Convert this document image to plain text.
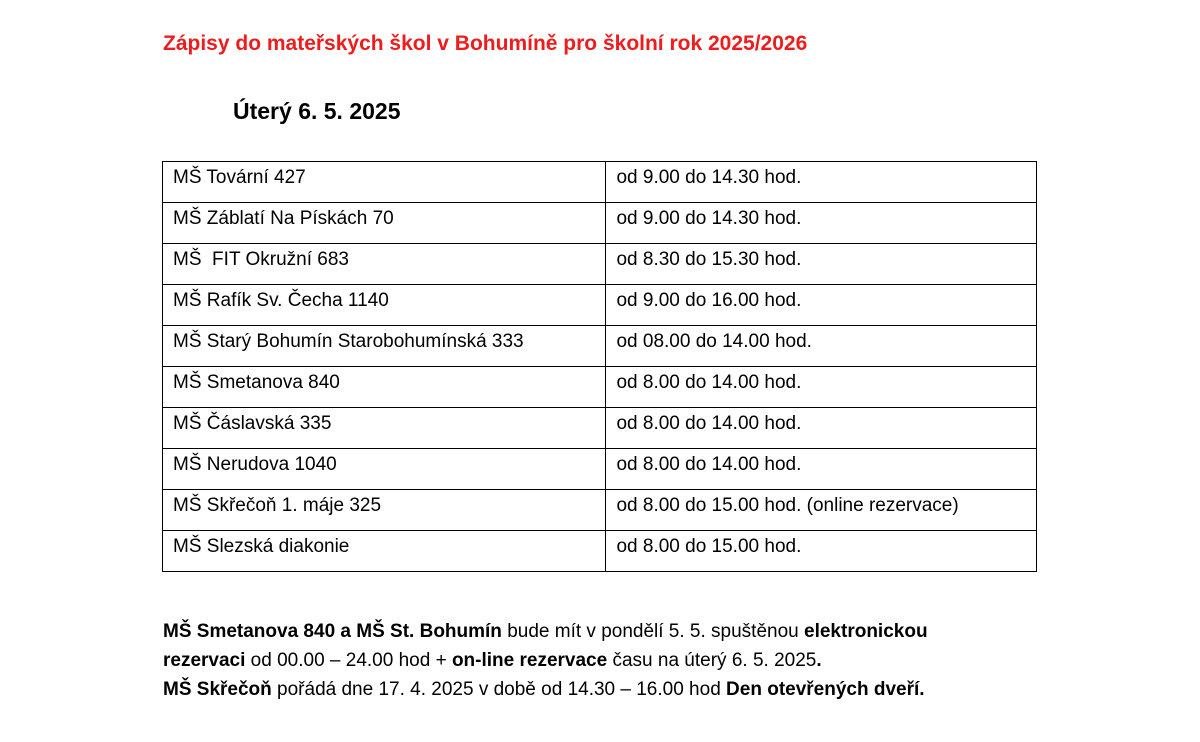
Zápisy do mateřských škol v Bohumíně pro školní rok 2025/2026
Úterý 6. 5. 2025
MŠ Tovární 427	od 9.00 do 14.30 hod.
MŠ Záblatí Na Pískách 70	od 9.00 do 14.30 hod.
MŠ  FIT Okružní 683	od 8.30 do 15.30 hod.
MŠ Rafík Sv. Čecha 1140	od 9.00 do 16.00 hod.
MŠ Starý Bohumín Starobohumínská 333	od 08.00 do 14.00 hod.
MŠ Smetanova 840	od 8.00 do 14.00 hod.
MŠ Čáslavská 335	od 8.00 do 14.00 hod.
MŠ Nerudova 1040	od 8.00 do 14.00 hod.
MŠ Skřečoň 1. máje 325	od 8.00 do 15.00 hod. (online rezervace)
MŠ Slezská diakonie	od 8.00 do 15.00 hod.

MŠ Smetanova 840 a MŠ St. Bohumín bude mít v pondělí 5. 5. spuštěnou elektronickou

rezervaci od 00.00 – 24.00 hod + on-line rezervace času na úterý 6. 5. 2025.

MŠ Skřečoň pořádá dne 17. 4. 2025 v době od 14.30 – 16.00 hod Den otevřených dveří.
